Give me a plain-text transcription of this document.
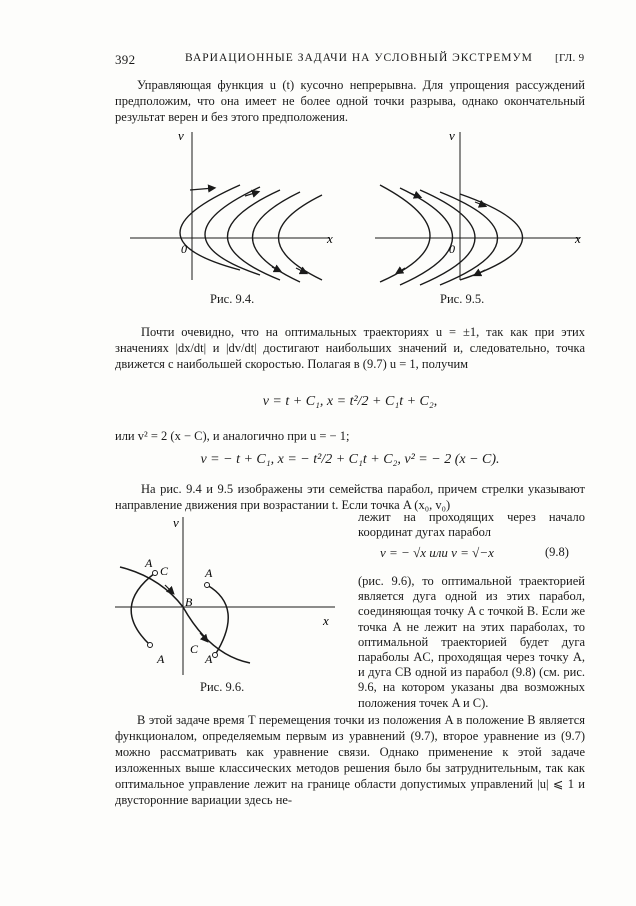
392	ВАРИАЦИОННЫЕ ЗАДАЧИ НА УСЛОВНЫЙ ЭКСТРЕМУМ [ГЛ. 9
Управляющая функция u (t) кусочно непрерывна. Для упрощения рассуждений предположим, что она имеет не более одной точки разрыва, однако окончательный результат верен и без этого предположения.
v
x
0
Рис. 9.4.
v
x
0
Рис. 9.5.
Почти очевидно, что на оптимальных траекториях u = ±1, так как при этих значениях |dx/dt| и |dv/dt| достигают наибольших значений и, следовательно, точка движется с наибольшей скоростью. Полагая в (9.7) u = 1, получим
v = t + C₁, x = t²/2 + C₁t + C₂,
или v² = 2 (x − C), и аналогично при u = − 1;
v = − t + C₁, x = − t²/2 + C₁t + C₂, v² = − 2 (x − C).
На рис. 9.4 и 9.5 изображены эти семейства парабол, причем стрелки указывают направление движения при возрастании t. Если точка A (x₀, v₀)
лежит на проходящих через начало координат дугах парабол
v = − √x или v = √−x	(9.8)
v
x
B
A
C	A
A
C
A
Рис. 9.6.
(рис. 9.6), то оптимальной траекторией является дуга одной из этих парабол, соединяющая точку A с точкой B. Если же точка A не лежит на этих параболах, то оптимальной траекторией будет дуга параболы AC, проходящая через точку A, и дуга CB одной из парабол (9.8) (см. рис. 9.6, на котором указаны два возможных положения точек A и C).
В этой задаче время T перемещения точки из положения A в положение B является функционалом, определяемым первым из уравнений (9.7), второе уравнение из (9.7) можно рассматривать как уравнение связи. Однако применение к этой задаче изложенных выше классических методов решения было бы затруднительным, так как оптимальное управление лежит на границе области допустимых управлений |u| ⩽ 1 и двусторонние вариации здесь не-
